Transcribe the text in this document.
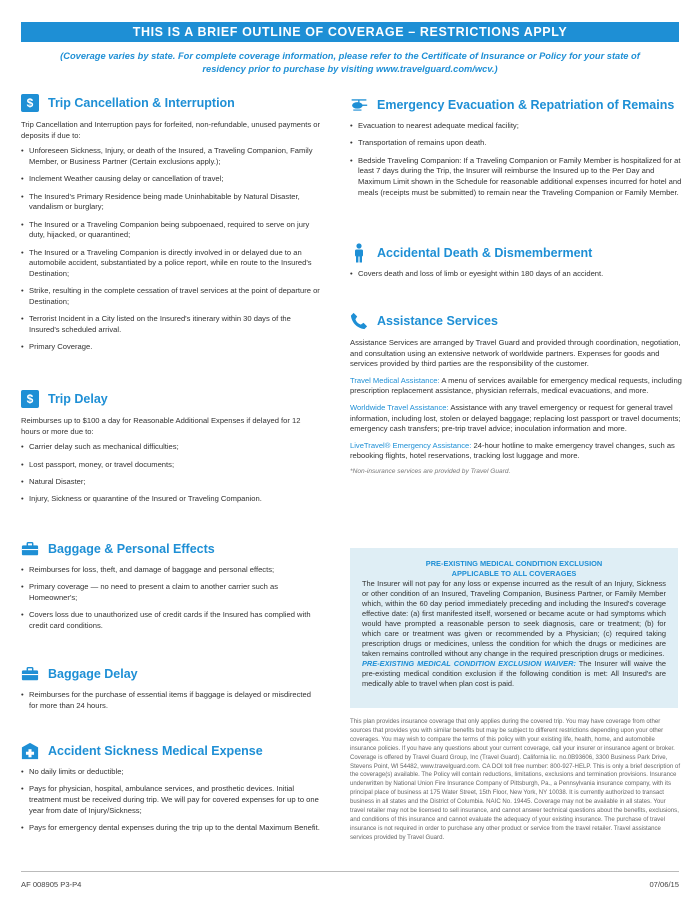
THIS IS A BRIEF OUTLINE OF COVERAGE – RESTRICTIONS APPLY
(Coverage varies by state. For complete coverage information, please refer to the Certificate of Insurance or Policy for your state of residency prior to purchase by visiting www.travelguard.com/wcv.)
$	Trip Cancellation & Interruption

Trip Cancellation and Interruption pays for forfeited, non-refundable, unused payments or deposits if due to:

• Unforeseen Sickness, Injury, or death of the Insured, a Traveling Companion, Family Member, or Business Partner (Certain exclusions apply.);
• Inclement Weather causing delay or cancellation of travel;
• The Insured's Primary Residence being made Uninhabitable by Natural Disaster, vandalism or burglary;
• The Insured or a Traveling Companion being subpoenaed, required to serve on jury duty, hijacked, or quarantined;
• The Insured or a Traveling Companion is directly involved in or delayed due to an automobile accident, substantiated by a police report, while en route to the Insured's Destination;
• Strike, resulting in the complete cessation of travel services at the point of departure or Destination;
• Terrorist Incident in a City listed on the Insured's itinerary within 30 days of the Insured's scheduled arrival.
• Primary Coverage.
$	Trip Delay

Reimburses up to $100 a day for Reasonable Additional Expenses if delayed for 12 hours or more due to:

• Carrier delay such as mechanical difficulties;
• Lost passport, money, or travel documents;
• Natural Disaster;
• Injury, Sickness or quarantine of the Insured or Traveling Companion.
Baggage & Personal Effects
• Reimburses for loss, theft, and damage of baggage and personal effects;
• Primary coverage — no need to present a claim to another carrier such as Homeowner's;
• Covers loss due to unauthorized use of credit cards if the Insured has complied with credit card conditions.
Baggage Delay
• Reimburses for the purchase of essential items if baggage is delayed or misdirected for more than 24 hours.
Accident Sickness Medical Expense
• No daily limits or deductible;
• Pays for physician, hospital, ambulance services, and prosthetic devices. Initial treatment must be received during trip. We will pay for covered expenses for up to one year from date of Injury/Sickness;
• Pays for emergency dental expenses during the trip up to the dental Maximum Benefit.
Emergency Evacuation & Repatriation of Remains
• Evacuation to nearest adequate medical facility;
• Transportation of remains upon death.
• Bedside Traveling Companion: If a Traveling Companion or Family Member is hospitalized for at least 7 days during the Trip, the Insurer will reimburse the Insured up to the Per Day and Maximum Limit shown in the Schedule for reasonable additional expenses incurred for hotel and meals (receipts must be submitted) to remain near the Traveling Companion or Family Member.
Accidental Death & Dismemberment
• Covers death and loss of limb or eyesight within 180 days of an accident.
Assistance Services

Assistance Services are arranged by Travel Guard and provided through coordination, negotiation, and consultation using an extensive network of worldwide partners. Expenses for goods and services provided by third parties are the responsibility of the customer.

Travel Medical Assistance: A menu of services available for emergency medical requests, including prescription replacement assistance, physician referrals, medical evacuations, and more.

Worldwide Travel Assistance: Assistance with any travel emergency or request for general travel information, including lost, stolen or delayed baggage; replacing lost passport or travel documents; emergency cash transfers; pre-trip travel advice; inoculation information and more.

LiveTravel® Emergency Assistance: 24-hour hotline to make emergency travel changes, such as rebooking flights, hotel reservations, tracking lost luggage and more.

*Non-insurance services are provided by Travel Guard.
PRE-EXISTING MEDICAL CONDITION EXCLUSION
APPLICABLE TO ALL COVERAGES
The Insurer will not pay for any loss or expense incurred as the result of an Injury, Sickness or other condition of an Insured, Traveling Companion, Business Partner, or Family Member which, within the 60 day period immediately preceding and including the Insured's coverage effective date: (a) first manifested itself, worsened or became acute or had symptoms which would have prompted a reasonable person to seek diagnosis, care or treatment; (b) for which care or treatment was given or recommended by a Physician; (c) required taking prescription drugs or medicines, unless the condition for which the drugs or medicines are taken remains controlled without any change in the required prescription drugs or medicines.
PRE-EXISTING MEDICAL CONDITION EXCLUSION WAIVER: The Insurer will waive the pre-existing medical condition exclusion if the following condition is met: All Insured's are medically able to travel when plan cost is paid.
This plan provides insurance coverage that only applies during the covered trip. You may have coverage from other sources that provides you with similar benefits but may be subject to different restrictions depending upon your other coverages. You may wish to compare the terms of this policy with your existing life, health, home, and automobile insurance policies. If you have any questions about your current coverage, call your insurer or insurance agent or broker. Coverage is offered by Travel Guard Group, Inc (Travel Guard). California lic. no.0B93606, 3300 Business Park Drive, Stevens Point, WI 54482, www.travelguard.com. CA DOI toll free number: 800-927-HELP. This is only a brief description of the coverage(s) available. The Policy will contain reductions, limitations, exclusions and termination provisions. Insurance underwritten by National Union Fire Insurance Company of Pittsburgh, Pa., a Pennsylvania insurance company, with its principal place of business at 175 Water Street, 15th Floor, New York, NY 10038. It is currently authorized to transact business in all states and the District of Columbia. NAIC No. 19445. Coverage may not be available in all states. Your travel retailer may not be licensed to sell insurance, and cannot answer technical questions about the benefits, exclusions, and conditions of this insurance and cannot evaluate the adequacy of your existing insurance. The purchase of travel insurance is not required in order to purchase any other product or service from the travel retailer. Travel assistance services provided by Travel Guard.
AF 008905 P3-P4	07/06/15
